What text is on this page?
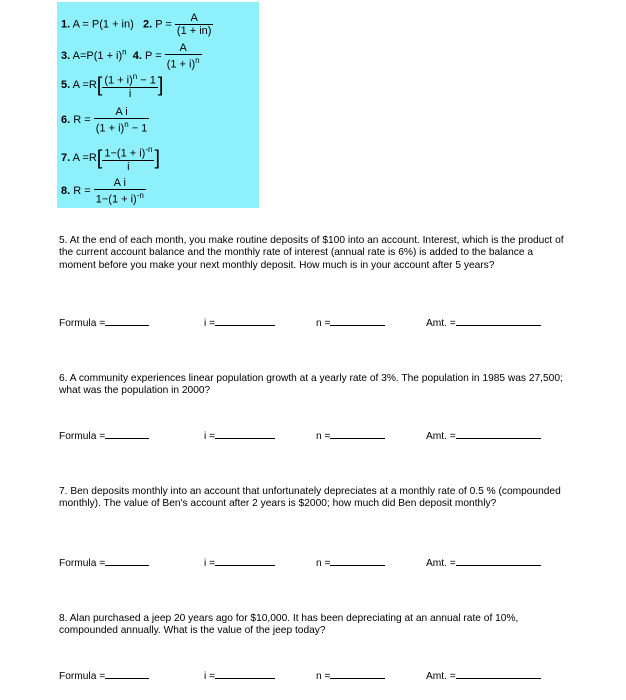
1. A = P(1 + in) 2. $P = \frac{A}{(1 + in)}$
3. $A=P(1 + i)^n$ 4. $P = \frac{A}{(1 + i)^n}$
5. $A =R[ \frac{(1 + i)^n - 1}{i}$ ]
6. $R = \frac{\text{A i}}{(1 + i)^n - 1}$
7. $A =R[ \frac{1-(1 + i)^{-n}}{i}$ ]
8. $R = \frac{\text{A i}}{1-(1 + i)^{-n}}$
5. At the end of each month, you make routine deposits of $100 into an account. Interest, which is the product of the current account balance and the monthly rate of interest (annual rate is 6%) is added to the balance a moment before you make your next monthly deposit. How much is in your account after 5 years?
Formula =	i =	n =	Amt. =
6. A community experiences linear population growth at a yearly rate of 3%. The population in 1985 was 27,500; what was the population in 2000?
Formula =	i =	n =	Amt. =
7. Ben deposits monthly into an account that unfortunately depreciates at a monthly rate of 0.5 % (compounded monthly). The value of Ben's account after 2 years is $2000; how much did Ben deposit monthly?
Formula =	i =	n =	Amt. =
8. Alan purchased a jeep 20 years ago for $10,000. It has been depreciating at an annual rate of 10%, compounded annually. What is the value of the jeep today?
Formula =	i =	n =	Amt. =
